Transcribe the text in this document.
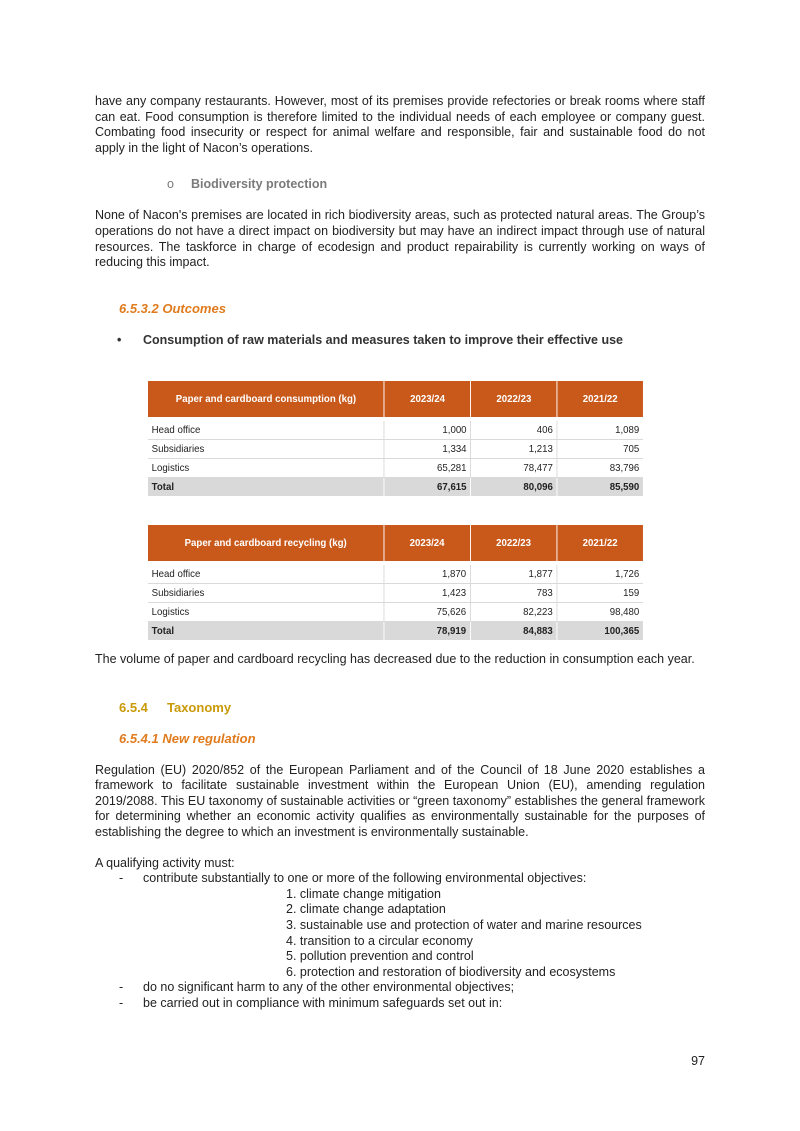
have any company restaurants. However, most of its premises provide refectories or break rooms where staff can eat. Food consumption is therefore limited to the individual needs of each employee or company guest. Combating food insecurity or respect for animal welfare and responsible, fair and sustainable food do not apply in the light of Nacon’s operations.

o Biodiversity protection

None of Nacon's premises are located in rich biodiversity areas, such as protected natural areas. The Group’s operations do not have a direct impact on biodiversity but may have an indirect impact through use of natural resources. The taskforce in charge of ecodesign and product repairability is currently working on ways of reducing this impact.

6.5.3.2 Outcomes
• Consumption of raw materials and measures taken to improve their effective use
Paper and cardboard consumption (kg)	2023/24	2022/23	2021/22

Head office	1,000	406	1,089
Subsidiaries	1,334	1,213	705
Logistics	65,281	78,477	83,796
Total	67,615	80,096	85,590
Paper and cardboard recycling (kg)	2023/24	2022/23	2021/22

Head office	1,870	1,877	1,726
Subsidiaries	1,423	783	159
Logistics	75,626	82,223	98,480
Total	78,919	84,883	100,365

The volume of paper and cardboard recycling has decreased due to the reduction in consumption each year.

6.5.4 Taxonomy
6.5.4.1 New regulation

Regulation (EU) 2020/852 of the European Parliament and of the Council of 18 June 2020 establishes a framework to facilitate sustainable investment within the European Union (EU), amending regulation 2019/2088. This EU taxonomy of sustainable activities or “green taxonomy” establishes the general framework for determining whether an economic activity qualifies as environmentally sustainable for the purposes of establishing the degree to which an investment is environmentally sustainable.

A qualifying activity must:

- contribute substantially to one or more of the following environmental objectives:
1. climate change mitigation
2. climate change adaptation
3. sustainable use and protection of water and marine resources
4. transition to a circular economy
5. pollution prevention and control
6. protection and restoration of biodiversity and ecosystems
- do no significant harm to any of the other environmental objectives;
- be carried out in compliance with minimum safeguards set out in:
97
